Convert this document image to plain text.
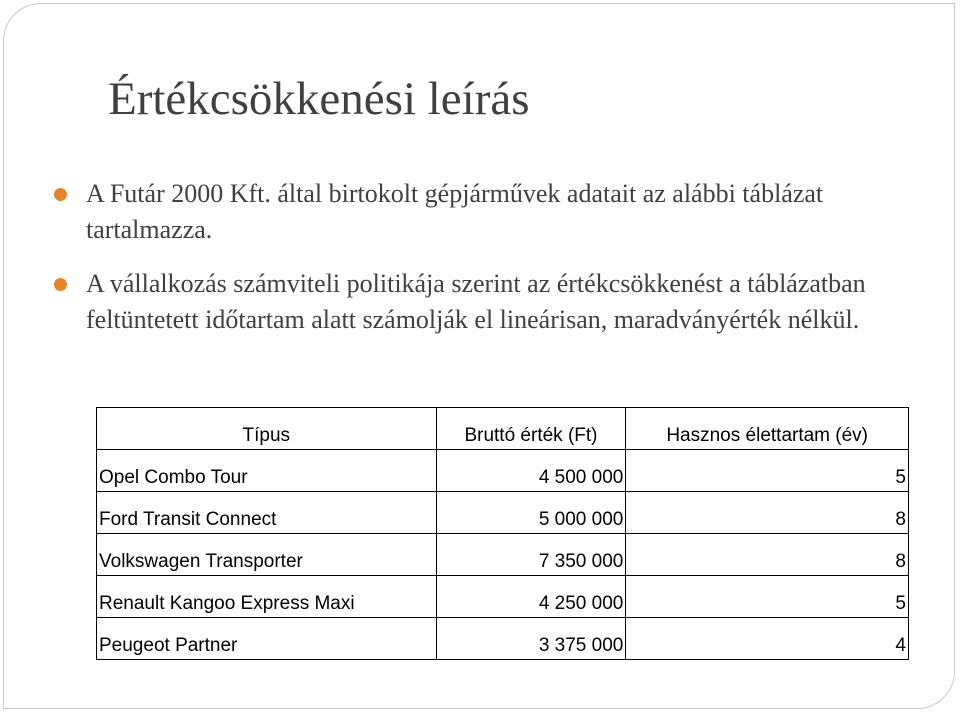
Értékcsökkenési leírás
A Futár 2000 Kft. által birtokolt gépjárművek adatait az alábbi táblázat tartalmazza.
A vállalkozás számviteli politikája szerint az értékcsökkenést a táblázatban feltüntetett időtartam alatt számolják el lineárisan, maradványérték nélkül.
Típus	Bruttó érték (Ft)	Hasznos élettartam (év)
Opel Combo Tour	4 500 000	5
Ford Transit Connect	5 000 000	8
Volkswagen Transporter	7 350 000	8
Renault Kangoo Express Maxi	4 250 000	5
Peugeot Partner	3 375 000	4
